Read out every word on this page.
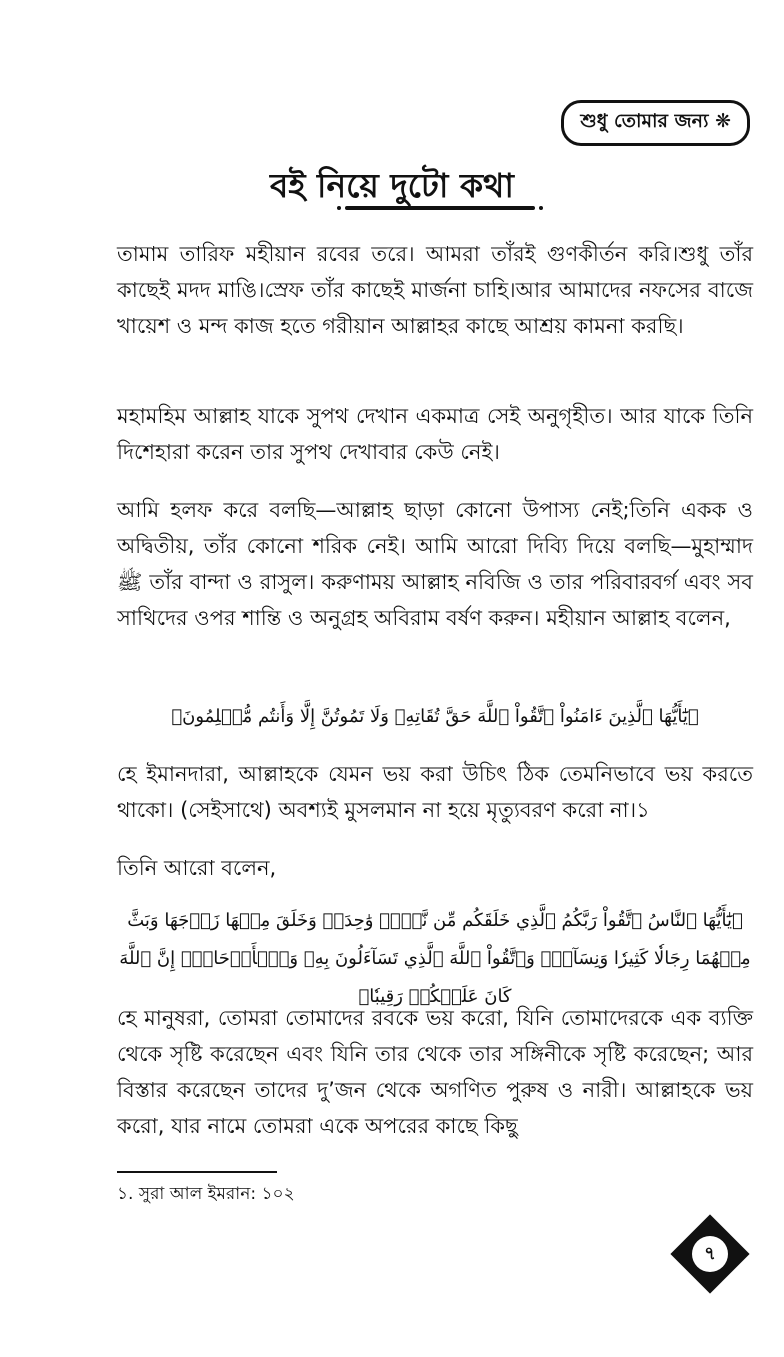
শুধু তোমার জন্য ❋
বই নিয়ে দুটো কথা

তামাম তারিফ মহীয়ান রবের তরে। আমরা তাঁরই গুণকীর্তন করি।শুধু তাঁর কাছেই মদদ মাঙি।স্রেফ তাঁর কাছেই মার্জনা চাহি।আর আমাদের নফসের বাজে খায়েশ ও মন্দ কাজ হতে গরীয়ান আল্লাহর কাছে আশ্রয় কামনা করছি।

মহামহিম আল্লাহ যাকে সুপথ দেখান একমাত্র সেই অনুগৃহীত। আর যাকে তিনি দিশেহারা করেন তার সুপথ দেখাবার কেউ নেই।

আমি হলফ করে বলছি—আল্লাহ ছাড়া কোনো উপাস্য নেই;তিনি একক ও অদ্বিতীয়, তাঁর কোনো শরিক নেই। আমি আরো দিব্যি দিয়ে বলছি—মুহাম্মাদ ﷺ তাঁর বান্দা ও রাসুল। করুণাময় আল্লাহ নবিজি ও তার পরিবারবর্গ এবং সব সাথিদের ওপর শান্তি ও অনুগ্রহ অবিরাম বর্ষণ করুন। মহীয়ান আল্লাহ বলেন,

﴿يَٰٓأَيُّهَا ٱلَّذِينَ ءَامَنُواْ ٱتَّقُواْ ٱللَّهَ حَقَّ تُقَاتِهِۦ وَلَا تَمُوتُنَّ إِلَّا وَأَنتُم مُّسۡلِمُونَ﴾

হে ইমানদারা, আল্লাহকে যেমন ভয় করা উচিৎ ঠিক তেমনিভাবে ভয় করতে থাকো। (সেইসাথে) অবশ্যই মুসলমান না হয়ে মৃত্যুবরণ করো না।১

তিনি আরো বলেন,

﴿يَٰٓأَيُّهَا ٱلنَّاسُ ٱتَّقُواْ رَبَّكُمُ ٱلَّذِي خَلَقَكُم مِّن نَّفۡسٖ وَٰحِدَةٖ وَخَلَقَ مِنۡهَا زَوۡجَهَا وَبَثَّ مِنۡهُمَا رِجَالٗا كَثِيرٗا وَنِسَآءٗۚ وَٱتَّقُواْ ٱللَّهَ ٱلَّذِي تَسَآءَلُونَ بِهِۦ وَٱلۡأَرۡحَامَۚ إِنَّ ٱللَّهَ كَانَ عَلَيۡكُمۡ رَقِيبٗا﴾

হে মানুষরা, তোমরা তোমাদের রবকে ভয় করো, যিনি তোমাদেরকে এক ব্যক্তি থেকে সৃষ্টি করেছেন এবং যিনি তার থেকে তার সঙ্গিনীকে সৃষ্টি করেছেন; আর বিস্তার করেছেন তাদের দু’জন থেকে অগণিত পুরুষ ও নারী। আল্লাহকে ভয় করো, যার নামে তোমরা একে অপরের কাছে কিছু

১. সুরা আল ইমরান: ১০২
৭
